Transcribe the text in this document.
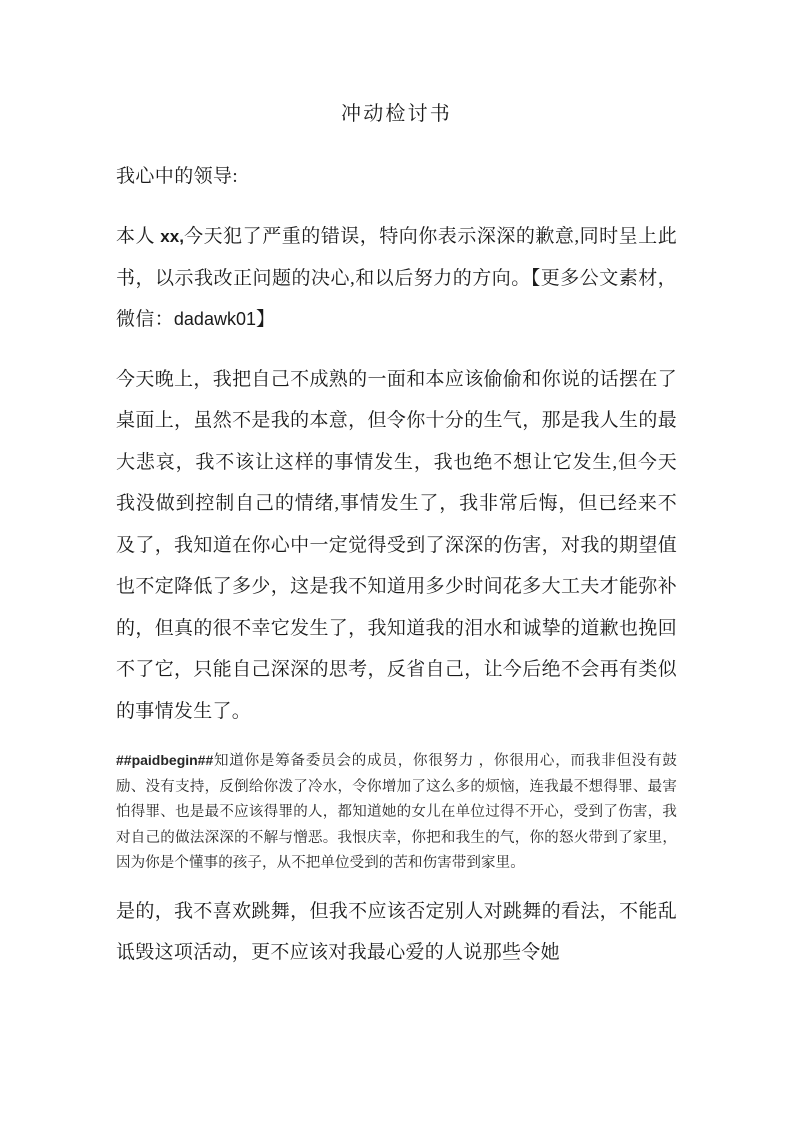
冲动检讨书

我心中的领导:

本人 xx,今天犯了严重的错误，特向你表示深深的歉意,同时呈上此书，以示我改正问题的决心,和以后努力的方向。【更多公文素材，微信：dadawk01】

今天晚上，我把自己不成熟的一面和本应该偷偷和你说的话摆在了桌面上，虽然不是我的本意，但令你十分的生气，那是我人生的最大悲哀，我不该让这样的事情发生，我也绝不想让它发生,但今天我没做到控制自己的情绪,事情发生了，我非常后悔，但已经来不及了，我知道在你心中一定觉得受到了深深的伤害，对我的期望值也不定降低了多少，这是我不知道用多少时间花多大工夫才能弥补的，但真的很不幸它发生了，我知道我的泪水和诚挚的道歉也挽回不了它，只能自己深深的思考，反省自己，让今后绝不会再有类似的事情发生了。

##paidbegin##知道你是筹备委员会的成员，你很努力 ，你很用心，而我非但没有鼓励、没有支持，反倒给你泼了冷水，令你增加了这么多的烦恼，连我最不想得罪、最害怕得罪、也是最不应该得罪的人，都知道她的女儿在单位过得不开心，受到了伤害，我对自己的做法深深的不解与憎恶。我恨庆幸，你把和我生的气，你的怒火带到了家里，因为你是个懂事的孩子，从不把单位受到的苦和伤害带到家里。

是的，我不喜欢跳舞，但我不应该否定别人对跳舞的看法，不能乱诋毁这项活动，更不应该对我最心爱的人说那些令她
